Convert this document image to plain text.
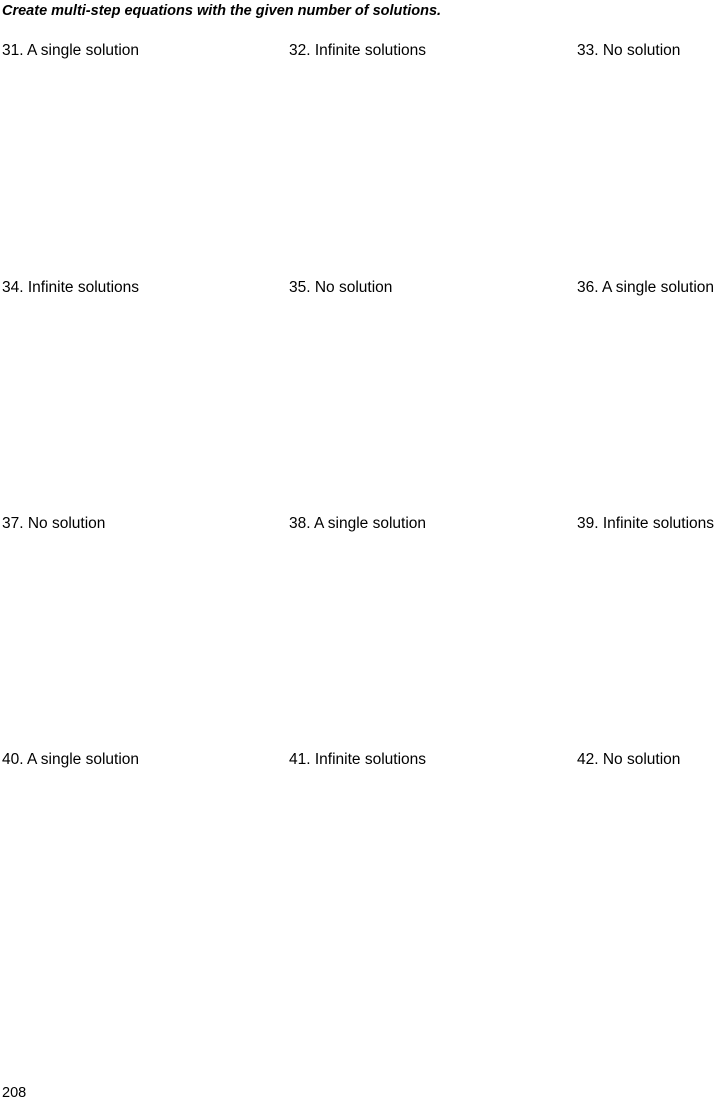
Create multi-step equations with the given number of solutions.

31. A single solution	32. Infinite solutions	33. No solution

34. Infinite solutions	35. No solution	36. A single solution

37. No solution	38. A single solution	39. Infinite solutions

40. A single solution	41. Infinite solutions	42. No solution

208
